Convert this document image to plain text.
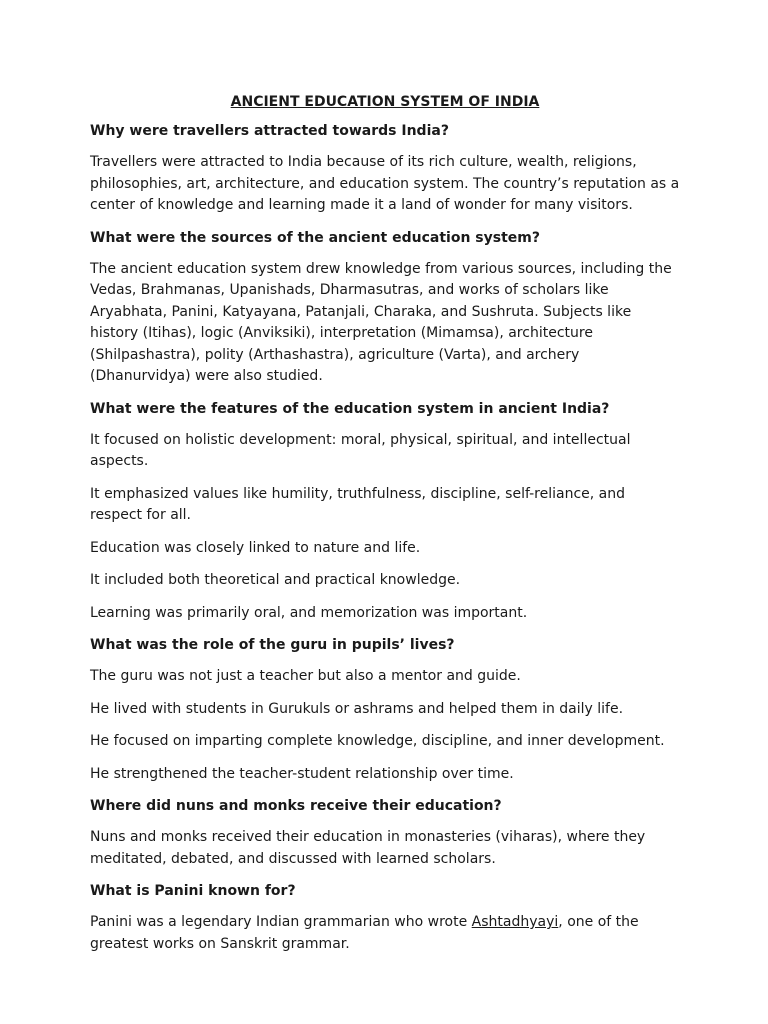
ANCIENT EDUCATION SYSTEM OF INDIA
Why were travellers attracted towards India?
Travellers were attracted to India because of its rich culture, wealth, religions, philosophies, art, architecture, and education system. The country’s reputation as a center of knowledge and learning made it a land of wonder for many visitors.
What were the sources of the ancient education system?
The ancient education system drew knowledge from various sources, including the Vedas, Brahmanas, Upanishads, Dharmasutras, and works of scholars like Aryabhata, Panini, Katyayana, Patanjali, Charaka, and Sushruta. Subjects like history (Itihas), logic (Anviksiki), interpretation (Mimamsa), architecture (Shilpashastra), polity (Arthashastra), agriculture (Varta), and archery (Dhanurvidya) were also studied.
What were the features of the education system in ancient India?
It focused on holistic development: moral, physical, spiritual, and intellectual aspects.
It emphasized values like humility, truthfulness, discipline, self-reliance, and respect for all.
Education was closely linked to nature and life.
It included both theoretical and practical knowledge.
Learning was primarily oral, and memorization was important.
What was the role of the guru in pupils’ lives?
The guru was not just a teacher but also a mentor and guide.
He lived with students in Gurukuls or ashrams and helped them in daily life.
He focused on imparting complete knowledge, discipline, and inner development.
He strengthened the teacher-student relationship over time.
Where did nuns and monks receive their education?
Nuns and monks received their education in monasteries (viharas), where they meditated, debated, and discussed with learned scholars.
What is Panini known for?
Panini was a legendary Indian grammarian who wrote Ashtadhyayi, one of the greatest works on Sanskrit grammar.
